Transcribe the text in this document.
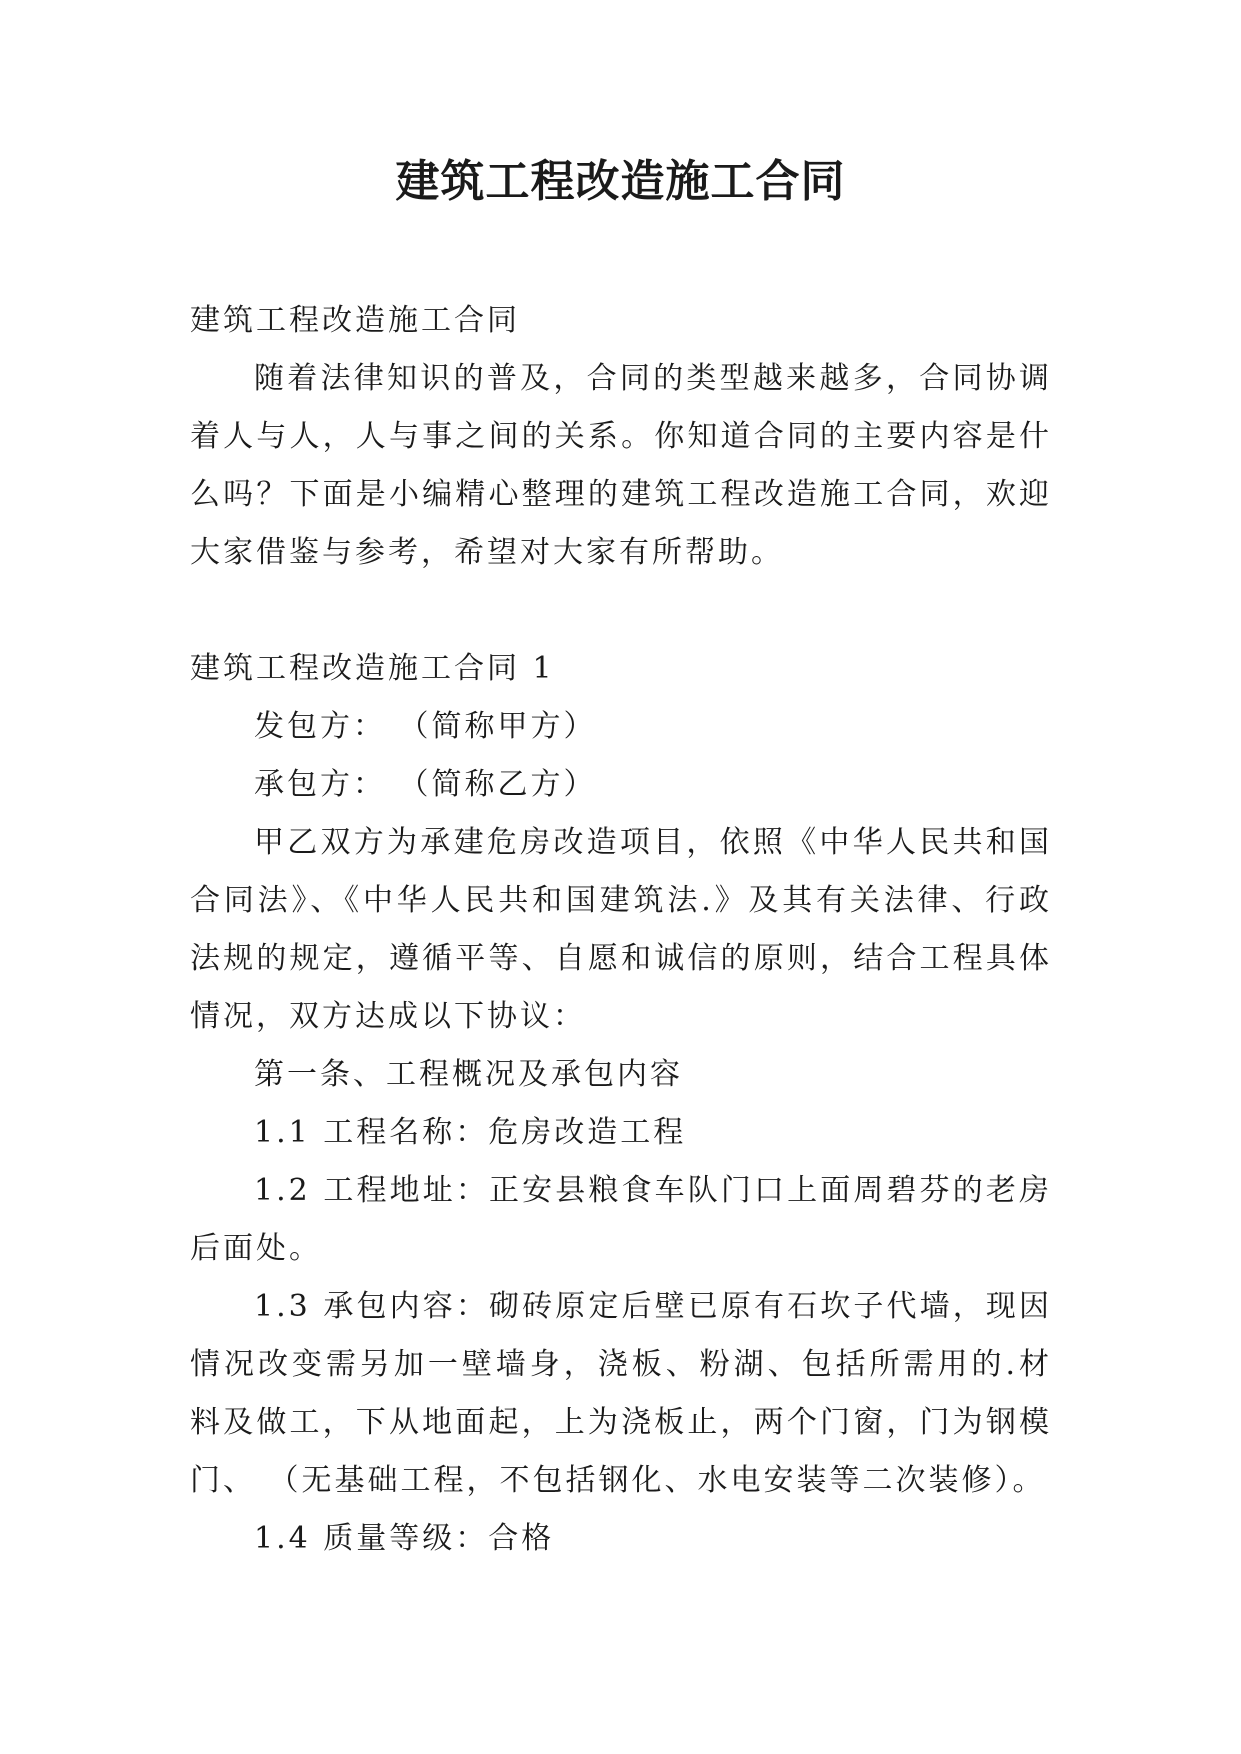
建筑工程改造施工合同

建筑工程改造施工合同

随着法律知识的普及，合同的类型越来越多，合同协调着人与人，人与事之间的关系。你知道合同的主要内容是什么吗？下面是小编精心整理的建筑工程改造施工合同，欢迎大家借鉴与参考，希望对大家有所帮助。

建筑工程改造施工合同 1

发包方： （简称甲方）

承包方： （简称乙方）

甲乙双方为承建危房改造项目，依照《中华人民共和国合同法》、《中华人民共和国建筑法.》及其有关法律、行政法规的规定，遵循平等、自愿和诚信的原则，结合工程具体情况，双方达成以下协议：

第一条、工程概况及承包内容

1.1 工程名称：危房改造工程

1.2 工程地址：正安县粮食车队门口上面周碧芬的老房后面处。

1.3 承包内容：砌砖原定后壁已原有石坎子代墙，现因情况改变需另加一壁墙身，浇板、粉湖、包括所需用的.材料及做工，下从地面起，上为浇板止，两个门窗，门为钢模门、 （无基础工程，不包括钢化、水电安装等二次装修）。

1.4 质量等级：合格
